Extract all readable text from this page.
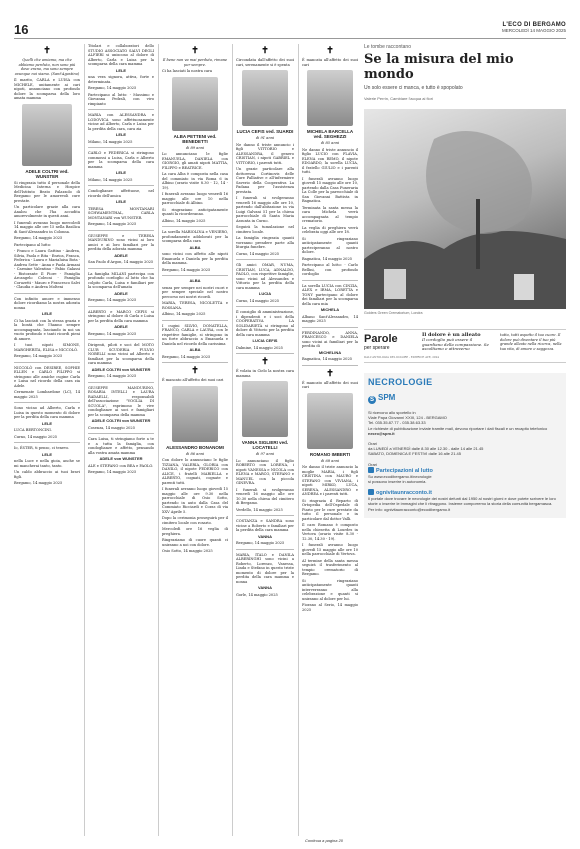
16	L'ECO DI BERGAMO
MERCOLEDÌ 14 MAGGIO 2025
✝
Quelli che amiamo, ma che abbiamo perduto, non sono più dove erano, ma sono sempre ovunque noi siamo. (Sant'Agostino)
Il marito, CARLA e LUISA con MICHELE, unitamente ai cari nipoti, annunciano con profondo dolore la scomparsa della loro amata mamma
ADELE COLTRI ved. WUNSTER
Si ringrazia tutto il personale della Medicina Interna e Hospice dell'Istituto Beato Palazzolo di Bergamo per le amorevoli cure prestate.
Un particolare grazie alla cara Analou che l'ha accudita amorevolmente in questi anni.
I funerali avranno luogo mercoledì 14 maggio alle ore 15 nella Basilica di Sant'Alessandro in Colonna.
Bergamo, 14 maggio 2025
Partecipano al lutto:
- Franco e Laura Gattino - Andrea, Silvia, Paola e Rita - Enrica, Franca, Federica - Laura e Marialuisa Bota - Andrea Sette - Anna e Paola Armani - Carmine Valentino - Fabio Galassi - Ristorante Il Fiore - Famiglia Arcangelo Coleoni - Famiglia Coruzetti - Mauro e Francesco Salvi - Claudia e Andrea Molteni
Con infinito amore e immenso dolore ricordiamo la nostra adorata nonna
LELE
Ci ha lasciati con la stessa grazia e la bontà che l'hanno sempre accompagnata, lasciando in noi un vuoto profondo e tanti ricordi pieni di amore.
I tuoi nipoti SIMONE, MARGHERITA, ELISA e NICCOLÒ.
Bergamo, 14 maggio 2025
NICCOLÒ con DESIREE, SOPHIE ELLEN e CARLO FILIPPO si stringono alle amiche cugine Carla e Luisa nel ricordo della cara zia Adele.
Cermenate Lombardone (LC), 14 maggio 2025
Sono vicino ad Alberto, Carla e Luisa in questo momento di dolore per la perdita della cara mamma
LELE
LUCA BERTONCINI.
Curno, 14 maggio 2025
Io, ÉSTER, ti penso, ci tenevo.
LELE
nella Luce e nella gioia, anche se mi mancherai tanto, tanto.
Un caldo abbraccio ai tuoi bravi figli.
Bergamo, 14 maggio 2025
Titolari e collaboratori dello STUDIO ASSOCIATO SALVI DEGLI ALFIERI si uniscono al dolore di Alberto, Carla e Luisa per la scomparsa della cara mamma
LELE
una vera signora, attiva, forte e determinata.
Bergamo, 14 maggio 2025
Partecipano al lutto: - Massimo e Giovanna Pedrali, con vivo rimpianto
MARIA con ALESSANDRA e LODOVICA sono affettuosamente vicine ad Alberto, Carla e Luisa per la perdita della cara, cara zia
LELE
Milano, 14 maggio 2025
CARLO e FEDERICA si stringono commossi a Luisa, Carla e Alberto per la scomparsa della cara mamma
LELE
Milano, 14 maggio 2025
Condoglianze affettuose, nel ricordo dell'amica
LELE
TERESA MONTANARI SCHWAMENTHAL, CARLA MONTANARI von WUNSTER.
Bergamo, 14 maggio 2025
GIUSEPPE e TERESA MANDURINO sono vicini ai loro amici e ai loro familiari per la perdita della adorata mamma
ADELE
San Paolo d'Argon, 14 maggio 2025
La famiglia MILANI partecipa con profondo cordoglio al lutto che ha colpito Carla, Luisa e familiari per la scomparsa dell'amata
ADELE
Bergamo, 14 maggio 2025
ALBERTO e MARCO CEFIS si stringono al dolore di Carla e Luisa per la perdita della cara mamma
ADELE
Bergamo, 14 maggio 2025
Dirigenti, piloti e soci del MOTO CLUB SCUDERIA FULVIO NOBELLI sono vicini ad Alberto e familiari per la scomparsa della cara mamma
ADELE COLTRI von WUNSTER
Bergamo, 14 maggio 2025
GIUSEPPE MANDURINO, ROSARIA INTELLI e LAURA RADAELLI, responsabili dell'associazione "VOGLIA DI SCUOLA", esprimono le vive condoglianze ai soci e famigliari per la scomparsa della mamma
ADELE COLTRI von WUNSTER
Cosenza, 14 maggio 2025
Cara Luisa, ti stringiamo forte a te e a tutta la famiglia, con condoglianze e affetto, pensando alla vostra amata mamma
ADELE von WUNSTER
ALE e STEFANO con BEA e PAOLO.
Bergamo, 14 maggio 2025
✝
Il bene non va mai perduto, rimane per sempre.
Ci ha lasciati la nostra cara
ALBA PETTENI ved. BENEDETTI
di 89 anni
Lo annunciano le figlie EMANUELA, DANIELA con GIORGIO, gli amati nipoti MATTIA, FILIPPO e BEATRICE.
La cara Alba è composta nella casa del commiato in via Roma 6 in Albino (orario visite 8.30 - 12, 14 - 19).
I funerali avranno luogo venerdì 16 maggio alle ore 10 nella parrocchiale di Albino.
Si ringraziano anticipatamente quanti la ricorderanno.
Albino, 14 maggio 2025
La sorella MARIOLINA e VENIERO, profondamente addolorati per la scomparsa della cara
ALBA
sono vicini con affetto alle nipoti Emanuela e Daniela per la perdita della mamma.
Bergamo, 14 maggio 2025
ALBA
senza per sempre nei nostri cuori e per sempre speciale nel nostro percorso nei nostri ricordi.
MARIA, TERESA, NICOLETTA e ROSSANA.
Albino, 14 maggio 2025
I cugini SILVIO, DONATELLA, FRANCO, CARLA e LAURA, con le rispettive famiglie, si stringono in un forte abbraccio a Emanuela e Daniela nel ricordo della carissima
ALBA
Bergamo, 14 maggio 2025
✝
È mancato all'affetto dei suoi cari
ALESSANDRO BONANOMI
di 86 anni
Con dolore lo annunciano le figlie TIZIANA, VALERIA, GLORIA con DANILO, il nipote FEDERICO con ALICE, i fratelli MARIELLA e ALBERTO, cognati, cognate e parenti tutti.
I funerali avranno luogo giovedì 15 maggio alle ore 9.30 nella parrocchiale di Osio Sotto, partendo in auto dalla Casa del Commiato Ricciardi e Coras di via XXV Aprile 5.
Dopo la cerimonia proseguirà per il cimitero locale con rosario.
Mercoledì ore 16 veglia di preghiera.
Ringraziamo di cuore quanti ci uniranno a noi con dolore.
Osio Sotto, 14 maggio 2025
✝
Circondata dall'affetto dei suoi cari, serenamente si è spenta
LUCIA CEFIS ved. SUARDI
di 91 anni
Ne danno il triste annuncio i figli VITTORIO e ALESSANDRA, il genero CRISTIAN, i nipoti GABRIEL e VITTORIO, i parenti tutti.
Un grazie particolare alla dottoressa Cortinovis delle Cure Palliative e all'infermiere Saverio della Cooperativa La Padana per l'assistenza prestata.
I funerali si svolgeranno venerdì 16 maggio alle ore 10, partendo dall'abitazione in via Luigi Galvani 51 per la chiesa parrocchiale di Santa Maria Assunta in Curno.
Seguirà la tumulazione nel cimitero locale.
La famiglia ringrazia quanti vorranno prendere parte alla liturgia funebre.
Curno, 14 maggio 2025
Gli amici OMAR, NUMA, CRISTIAN, LUCA, ADNALDO, PAOLO, con rispettive famiglie, sono vicini ad Alessandra e Vittorio per la perdita della cara mamma
LUCIA
Curno, 14 maggio 2025
Il consiglio di amministrazione, i dipendenti e i soci della COOPERATIVA LA SOLIDARIETÀ si stringono al dolore di Vittorio per la perdita della cara mamma
LUCIA CEFIS
Dalmine, 14 maggio 2025
✝
È volata in Cielo la nostra cara mamma
VANNA SIGLIERI ved. LOCATELLI
di 97 anni
Lo annunciano il figlio ROBERTO con LORENA, i nipoti VANESSA e NICOLA con ELENA e MARCO, STEFANO e MANUEL con la piccola GINEVRA.
I funerali si svolgeranno venerdì 16 maggio alle ore 10.30 nella chiesa del cimitero di Bergamo.
Verdello, 14 maggio 2025
COSTANZA e SANDRA sono vicine a Roberto e familiari per la perdita della cara mamma
VANNA
Bergamo, 14 maggio 2025
MARIA, ITALO e DANILA ALBERINGHI sono vicini a Roberto, Lorenzo, Vanessa, Linda e Stefano in questo triste momento di dolore per la perdita della cara mamma e nonna
VANNA
Gorle, 14 maggio 2025
✝
È mancata all'affetto dei suoi cari
MICHELA BARCELLA ved. SEGHEZZI
di 85 anni
Ne danno il triste annuncio il figlio LUCIO con FLAVIA, ELENA con REMO, il nipote EDOARDO, la sorella LUCIA, il fratello GIULIO e i parenti tutti.
I funerali avranno luogo giovedì 15 maggio alle ore 10, partendo dalla Casa Funeraria La Colle per la parrocchiale di San Giovanni Battista in Bagnatica.
Terminata la santa messa la cara Michela verrà accompagnata al tempio crematorio.
La veglia di preghiera verrà celebrata oggi alle ore 18.
Si ringraziano anticipatamente quanti parteciperanno al nostro dolore.
Bagnatica, 14 maggio 2025
Partecipano al lutto: - Carlo Bellini, con profondo cordoglio
La sorella LUCIA con CINZIA, ALEX e IRMA, LORETTA e TONY partecipano al dolore dei familiari per la scomparsa della cara mia
MICHELA
Albano Sant'Alessandro, 14 maggio 2025
FERDINANDO, ANNA, FRANCESCO e DANIELA sono vicini ai familiari per la perdita di
MICHELINA
Bagnatica, 14 maggio 2025
✝
È mancato all'affetto dei suoi cari
ROMANO IMBERTI
di 68 anni
Ne danno il triste annuncio la moglie MARIA, i figli CRISTINA con MAURO e STEFANO con VIVIANA, i nipoti MIRKO, LUCA, SERENA, ALESSANDRO e ANDREA e i parenti tutti.
Si ringrazia il Reparto di Ortopedia dell'Ospedale di Piario per le cure prestate da tutto il personale e in particolare dal dottor Valli.
Il caro Romano è composto nella chiesetta di Lourdes in Vertova (orario visite 8.30 - 12.30, 14.30 - 19).
I funerali avranno luogo giovedì 15 maggio alle ore 10 nella parrocchiale di Vertova.
Al termine della santa messa seguirà il trasferimento al tempio crematorio di Bergamo.
Si ringraziano anticipatamente quanti interverranno alla celebrazione e quanti si uniranno al dolore per lui.
Fiorano al Serio, 14 maggio 2025
Le tombe raccontano
Se la misura del mio mondo
Un solo essere ci manca, e tutto è spopolato
Valerie Perrin, Cambiare l'acqua ai fiori
Golders Green Crematorium, Londra
Parole
per sperare
DALL'ANTOLOGIA DEL DOLORE - EDITRICE AVE, 2024
Il dolore è un alleato
Il cordoglio può essere il guardiano della compassione. Se ascoltiamo e attraverso
tutto, tutti aspetto il tuo cuore. Il dolore può diventare il tuo più grande alleato nella ricerca, nella tua vita, di amore e saggezza.
NECROLOGIE
S SPM
Si ricevono allo sportello in
Viale Papa Giovanni XXIII, 124 - BERGAMO
Tel. 035.35.87.77 - 035.38.63.33
Le richieste di pubblicazione inviate tramite mail, devono riportare i dati fiscali e un recapito telefonico
necro@spm.it
Orari
da LUNEDÌ a VENERDÌ dalle 8.30 alle 12.30 - dalle 14 alle 21.45
SABATO, DOMENICA E FESTIVI dalle 16 alle 21.45
Orari
Partecipazioni al lutto
Su www.ecodibergamo.it/necrologie
si possono inserire in autonomia.
ognivitaunracconto.it
Il portale dove trovare le necrologie dei nostri defunti dal 1950 al nostri giorni e dove potete scrivere le loro storie o inserire le immagini che li ritraggono. Insieme comporremo la storia della comunità bergamasca.
Per info: ognivitaunracconto@ecodibergamo.it
Continua a pagina 20
